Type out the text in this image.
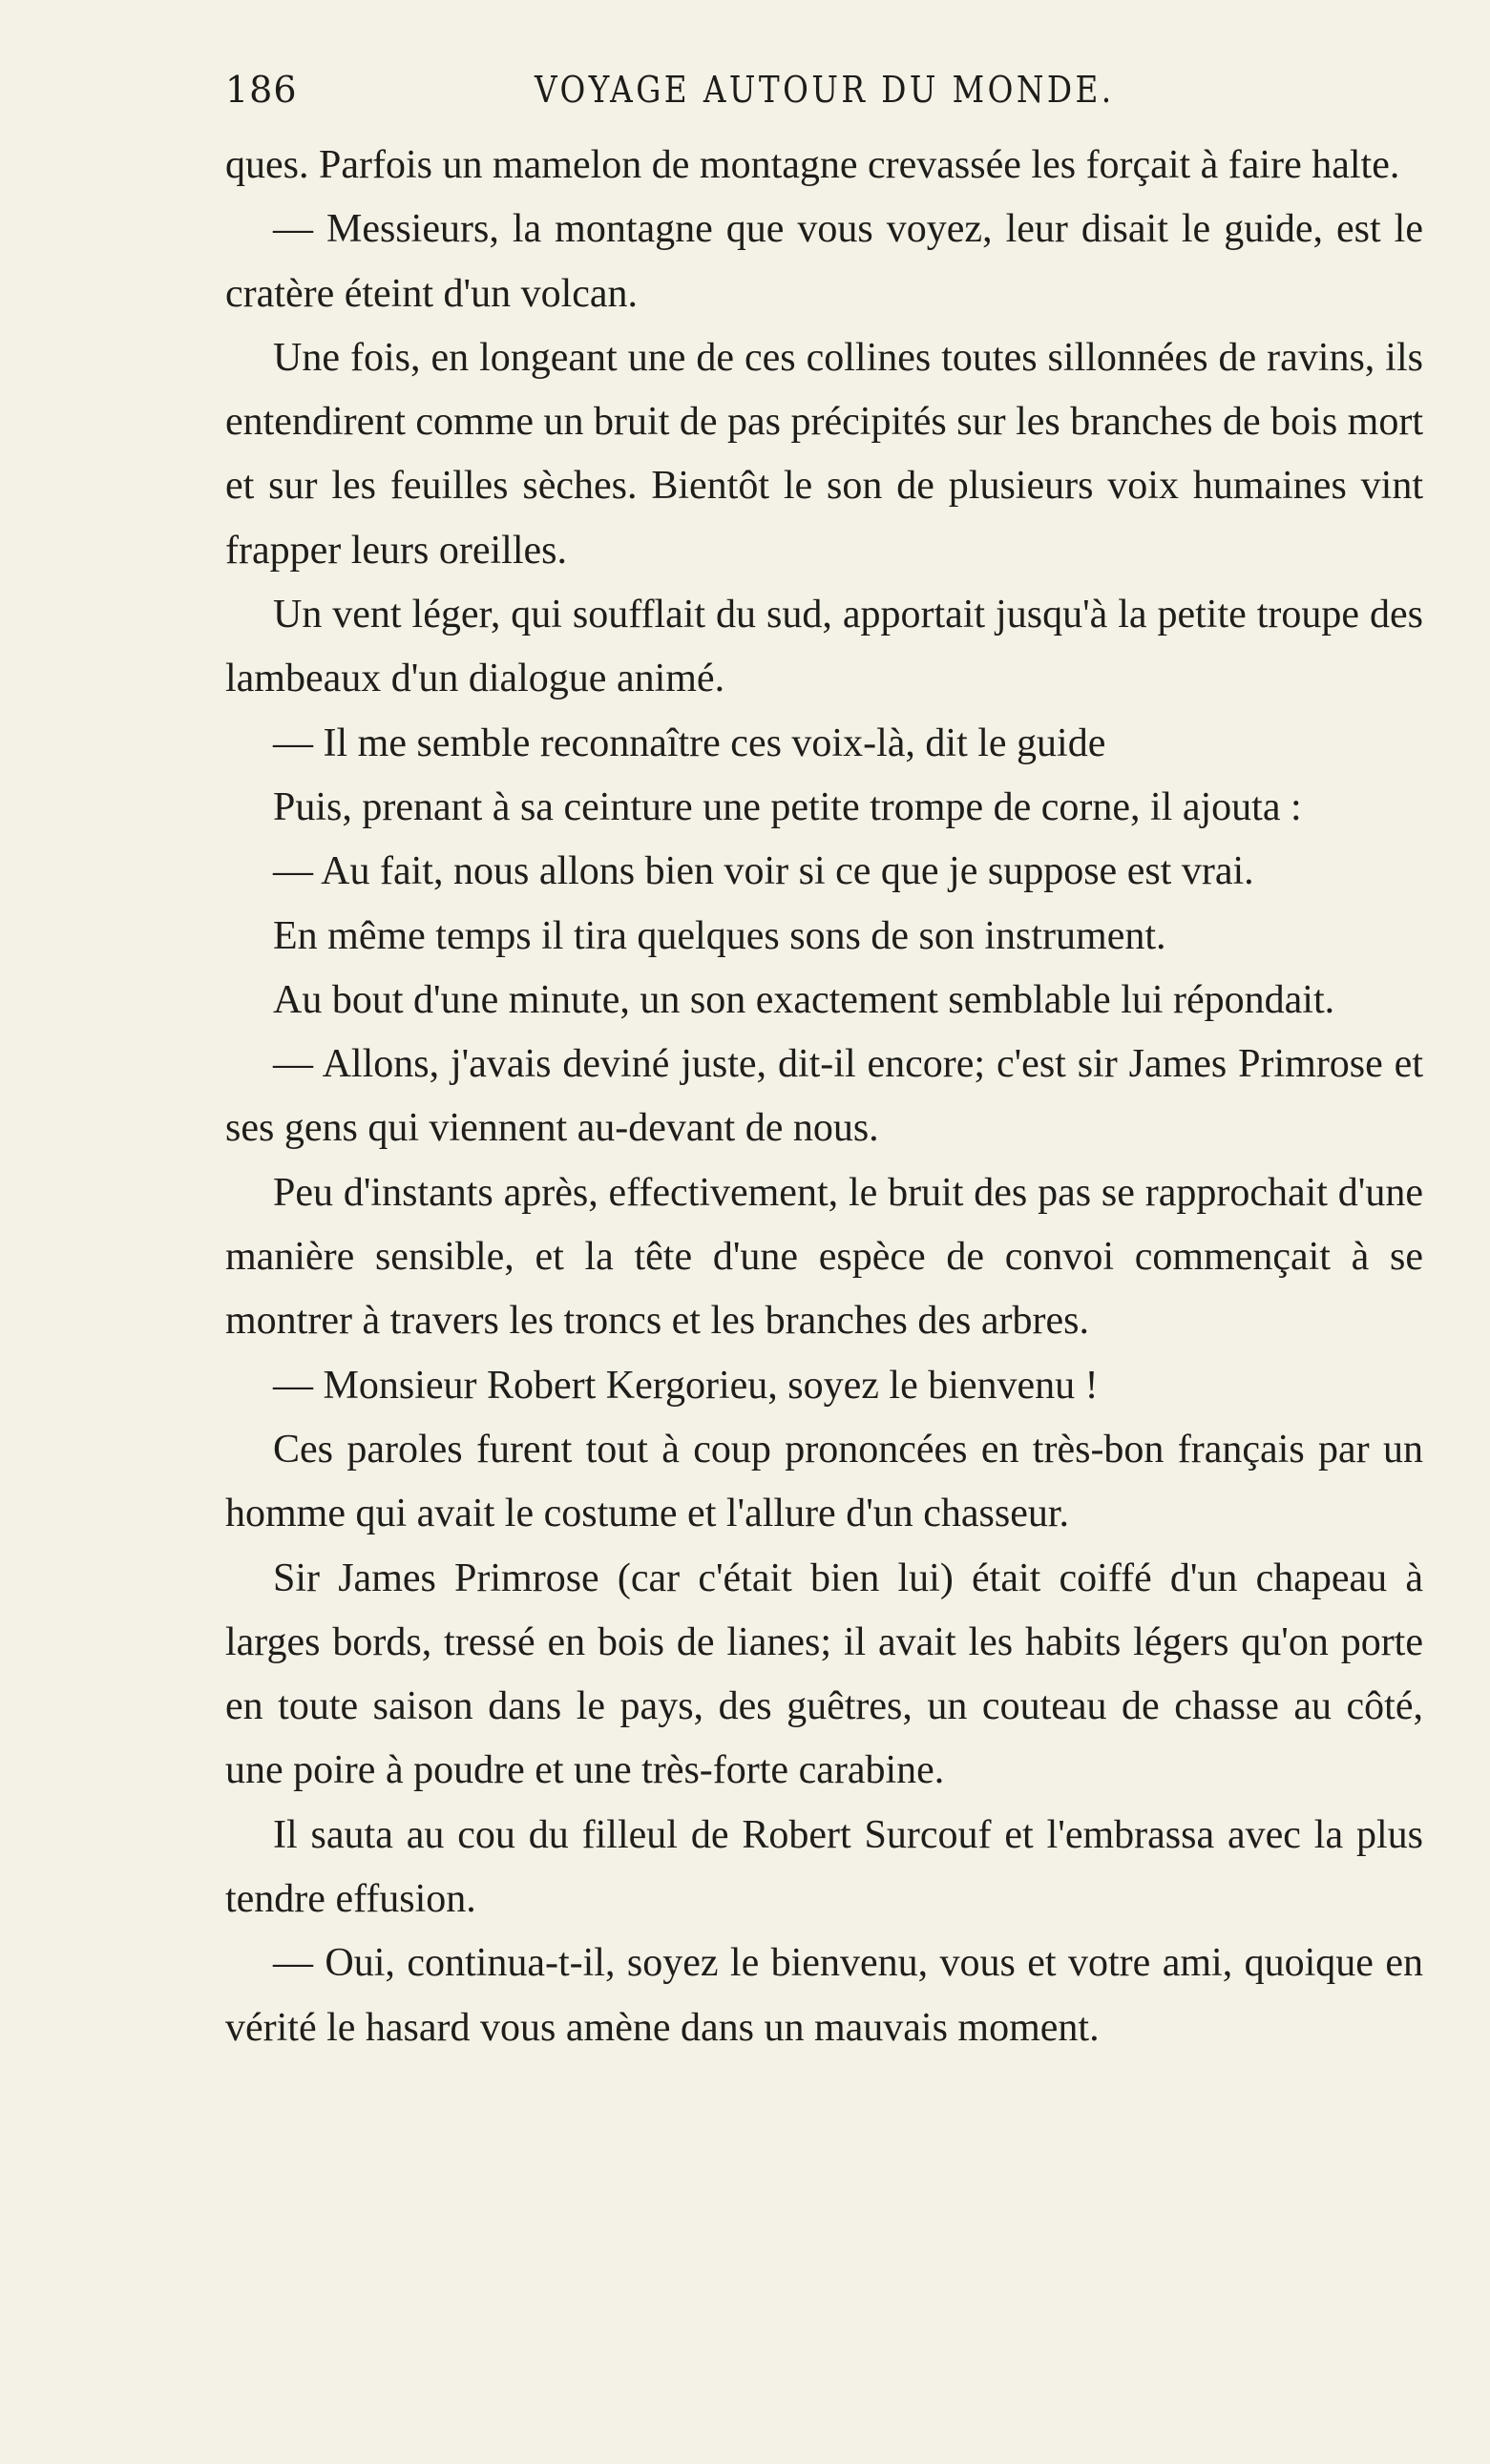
186	VOYAGE AUTOUR DU MONDE.

ques. Parfois un mamelon de montagne crevassée les forçait à faire halte.

— Messieurs, la montagne que vous voyez, leur disait le guide, est le cratère éteint d'un volcan.

Une fois, en longeant une de ces collines toutes sillonnées de ravins, ils entendirent comme un bruit de pas précipités sur les branches de bois mort et sur les feuilles sèches. Bientôt le son de plusieurs voix humaines vint frapper leurs oreilles.

Un vent léger, qui soufflait du sud, apportait jusqu'à la petite troupe des lambeaux d'un dialogue animé.

— Il me semble reconnaître ces voix-là, dit le guide

Puis, prenant à sa ceinture une petite trompe de corne, il ajouta :

— Au fait, nous allons bien voir si ce que je suppose est vrai.

En même temps il tira quelques sons de son instrument.

Au bout d'une minute, un son exactement semblable lui répondait.

— Allons, j'avais deviné juste, dit-il encore; c'est sir James Primrose et ses gens qui viennent au-devant de nous.

Peu d'instants après, effectivement, le bruit des pas se rapprochait d'une manière sensible, et la tête d'une espèce de convoi commençait à se montrer à travers les troncs et les branches des arbres.

— Monsieur Robert Kergorieu, soyez le bienvenu !

Ces paroles furent tout à coup prononcées en très-bon français par un homme qui avait le costume et l'allure d'un chasseur.

Sir James Primrose (car c'était bien lui) était coiffé d'un chapeau à larges bords, tressé en bois de lianes; il avait les habits légers qu'on porte en toute saison dans le pays, des guêtres, un couteau de chasse au côté, une poire à poudre et une très-forte carabine.

Il sauta au cou du filleul de Robert Surcouf et l'embrassa avec la plus tendre effusion.

— Oui, continua-t-il, soyez le bienvenu, vous et votre ami, quoique en vérité le hasard vous amène dans un mauvais moment.
